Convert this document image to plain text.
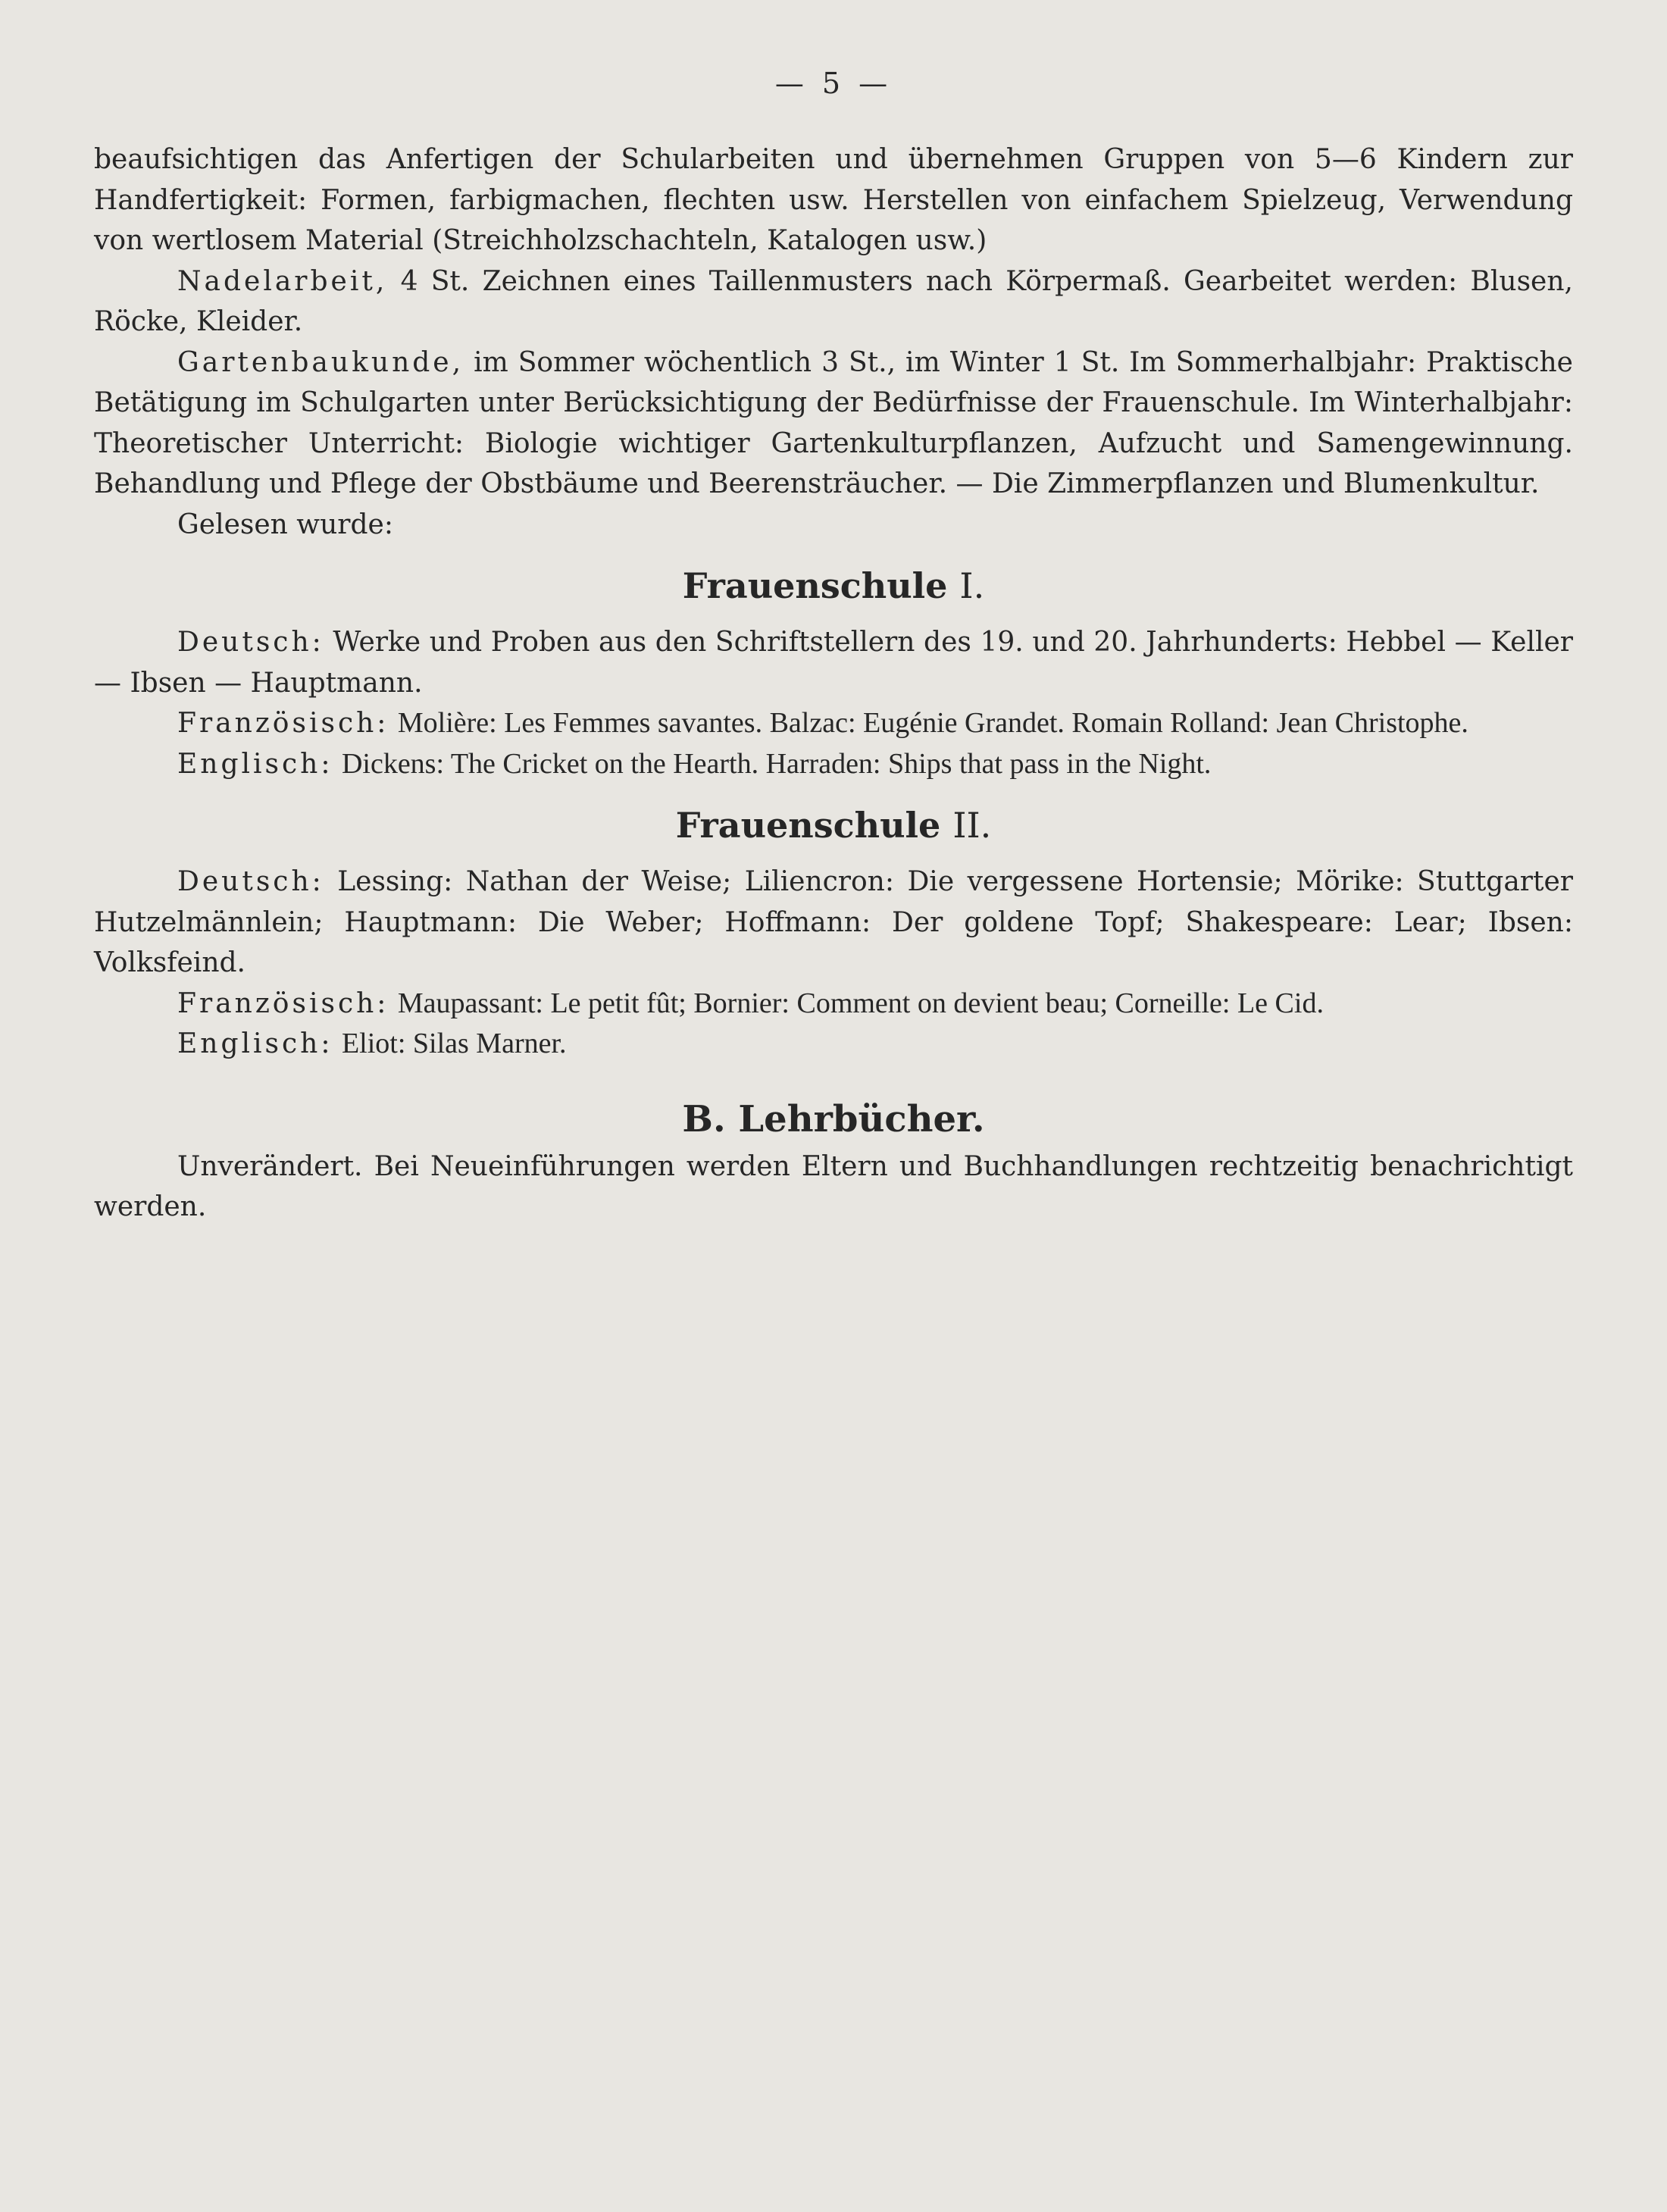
— 5 —

beaufsichtigen das Anfertigen der Schularbeiten und übernehmen Gruppen von 5—6 Kindern zur Handfertigkeit: Formen, farbigmachen, flechten usw. Herstellen von einfachem Spielzeug, Verwendung von wertlosem Material (Streichholzschachteln, Katalogen usw.)

Nadelarbeit, 4 St. Zeichnen eines Taillenmusters nach Körpermaß. Gearbeitet werden: Blusen, Röcke, Kleider.

Gartenbaukunde, im Sommer wöchentlich 3 St., im Winter 1 St. Im Sommerhalbjahr: Praktische Betätigung im Schulgarten unter Berücksichtigung der Bedürfnisse der Frauenschule. Im Winterhalbjahr: Theoretischer Unterricht: Biologie wichtiger Gartenkulturpflanzen, Aufzucht und Samengewinnung. Behandlung und Pflege der Obstbäume und Beerensträucher. — Die Zimmerpflanzen und Blumenkultur.

Gelesen wurde:

Frauenschule I.

Deutsch: Werke und Proben aus den Schriftstellern des 19. und 20. Jahrhunderts: Hebbel — Keller — Ibsen — Hauptmann.

Französisch: Molière: Les Femmes savantes. Balzac: Eugénie Grandet. Romain Rolland: Jean Christophe.

Englisch: Dickens: The Cricket on the Hearth. Harraden: Ships that pass in the Night.

Frauenschule II.

Deutsch: Lessing: Nathan der Weise; Liliencron: Die vergessene Hortensie; Mörike: Stuttgarter Hutzelmännlein; Hauptmann: Die Weber; Hoffmann: Der goldene Topf; Shakespeare: Lear; Ibsen: Volksfeind.

Französisch: Maupassant: Le petit fût; Bornier: Comment on devient beau; Corneille: Le Cid.

Englisch: Eliot: Silas Marner.

B. Lehrbücher.

Unverändert. Bei Neueinführungen werden Eltern und Buchhandlungen rechtzeitig benachrichtigt werden.
